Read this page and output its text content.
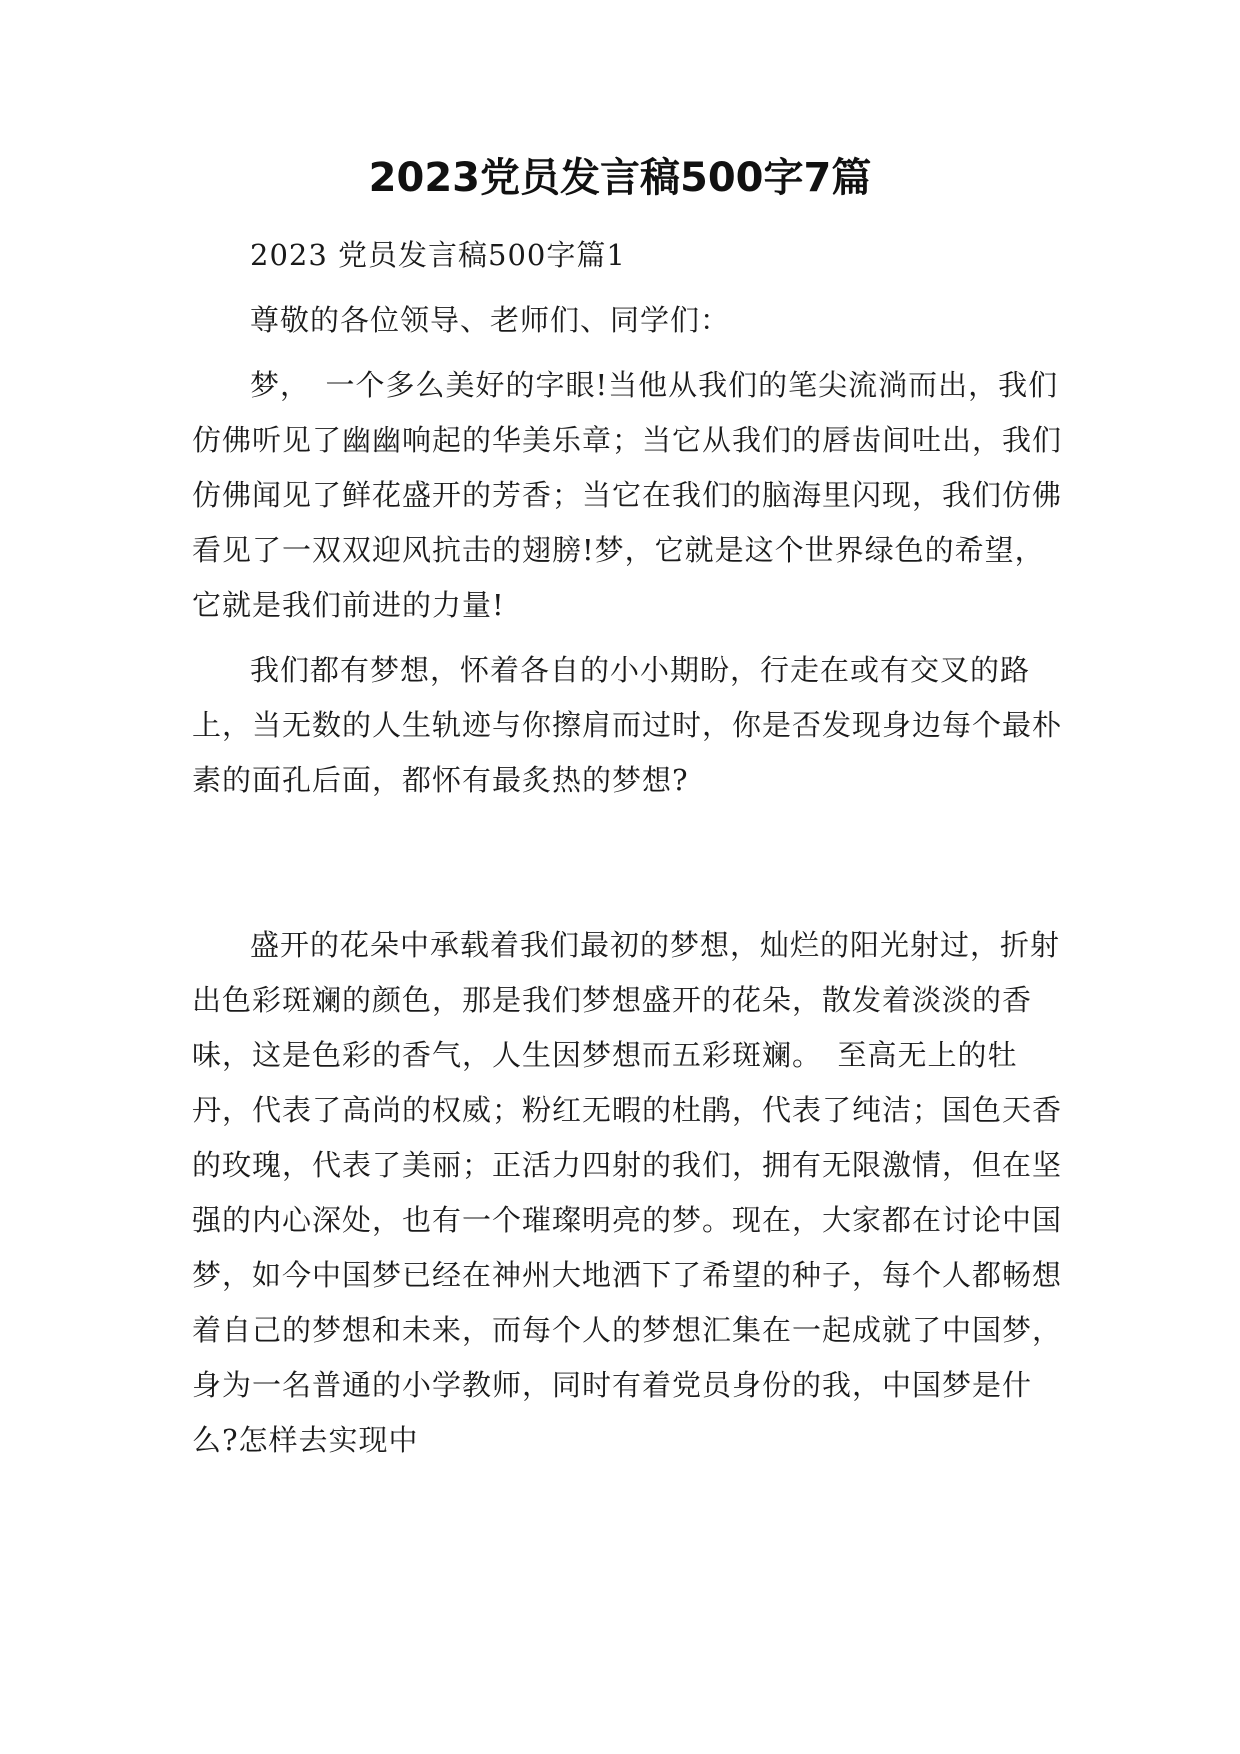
2023党员发言稿500字7篇

2023 党员发言稿500字篇1

尊敬的各位领导、老师们、同学们：

梦，　一个多么美好的字眼!当他从我们的笔尖流淌而出，我们仿佛听见了幽幽响起的华美乐章；当它从我们的唇齿间吐出，我们仿佛闻见了鲜花盛开的芳香；当它在我们的脑海里闪现，我们仿佛看见了一双双迎风抗击的翅膀!梦，它就是这个世界绿色的希望，它就是我们前进的力量!

我们都有梦想，怀着各自的小小期盼，行走在或有交叉的路上，当无数的人生轨迹与你擦肩而过时，你是否发现身边每个最朴素的面孔后面，都怀有最炙热的梦想?

盛开的花朵中承载着我们最初的梦想，灿烂的阳光射过，折射出色彩斑斓的颜色，那是我们梦想盛开的花朵，散发着淡淡的香味，这是色彩的香气，人生因梦想而五彩斑斓。　至高无上的牡丹，代表了高尚的权威；粉红无暇的杜鹃，代表了纯洁；国色天香的玫瑰，代表了美丽；正活力四射的我们，拥有无限激情，但在坚强的内心深处，也有一个璀璨明亮的梦。现在，大家都在讨论中国梦，如今中国梦已经在神州大地洒下了希望的种子，每个人都畅想着自己的梦想和未来，而每个人的梦想汇集在一起成就了中国梦，身为一名普通的小学教师，同时有着党员身份的我，中国梦是什么?怎样去实现中
